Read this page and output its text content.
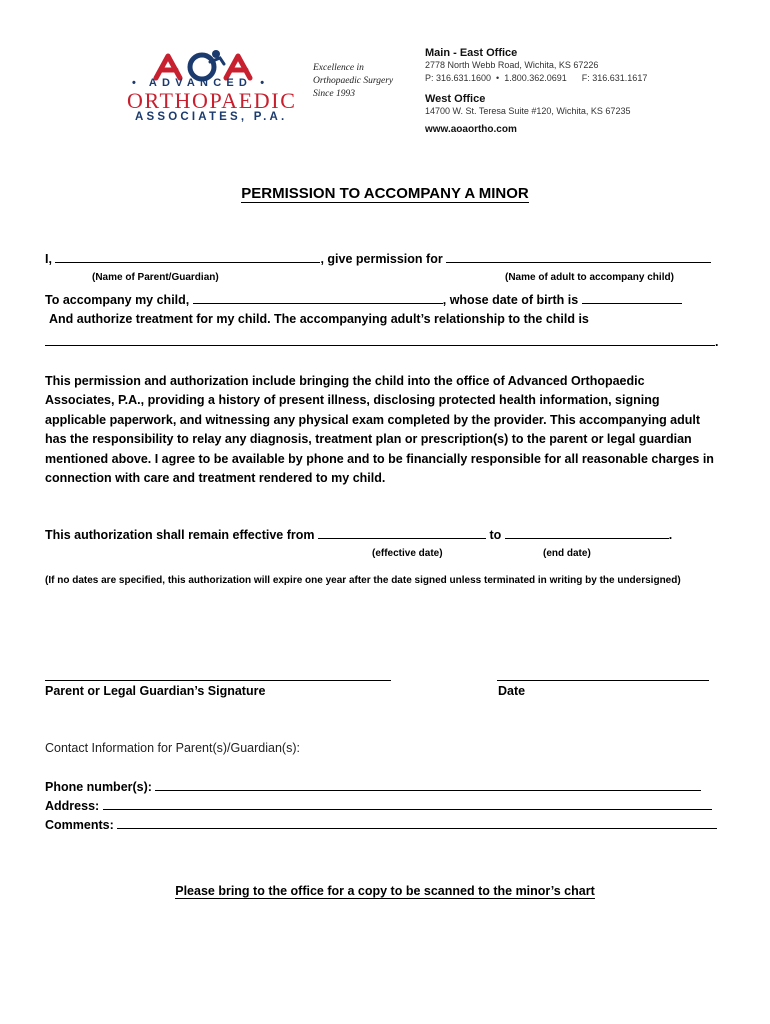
• ADVANCED •
ORTHOPAEDIC
ASSOCIATES, P.A.
Excellence in
Orthopaedic Surgery
Since 1993
Main - East Office
2778 North Webb Road, Wichita, KS 67226
P: 316.631.1600  •  1.800.362.0691      F: 316.631.1617
West Office
14700 W. St. Teresa Suite #120, Wichita, KS 67235
www.aoaortho.com
PERMISSION TO ACCOMPANY A MINOR
I,	, give permission for
(Name of Parent/Guardian)	(Name of adult to accompany child)
To accompany my child,	, whose date of birth is
And authorize treatment for my child. The accompanying adult’s relationship to the child is
.
This permission and authorization include bringing the child into the office of Advanced Orthopaedic Associates, P.A., providing a history of present illness, disclosing protected health information, signing applicable paperwork, and witnessing any physical exam completed by the provider. This accompanying adult has the responsibility to relay any diagnosis, treatment plan or prescription(s) to the parent or legal guardian mentioned above. I agree to be available by phone and to be financially responsible for all reasonable charges in connection with care and treatment rendered to my child.
This authorization shall remain effective from	to	.
(effective date)	(end date)
(If no dates are specified, this authorization will expire one year after the date signed unless terminated in writing by the undersigned)
Parent or Legal Guardian’s Signature	Date
Contact Information for Parent(s)/Guardian(s):
Phone number(s):
Address:
Comments:
Please bring to the office for a copy to be scanned to the minor’s chart
